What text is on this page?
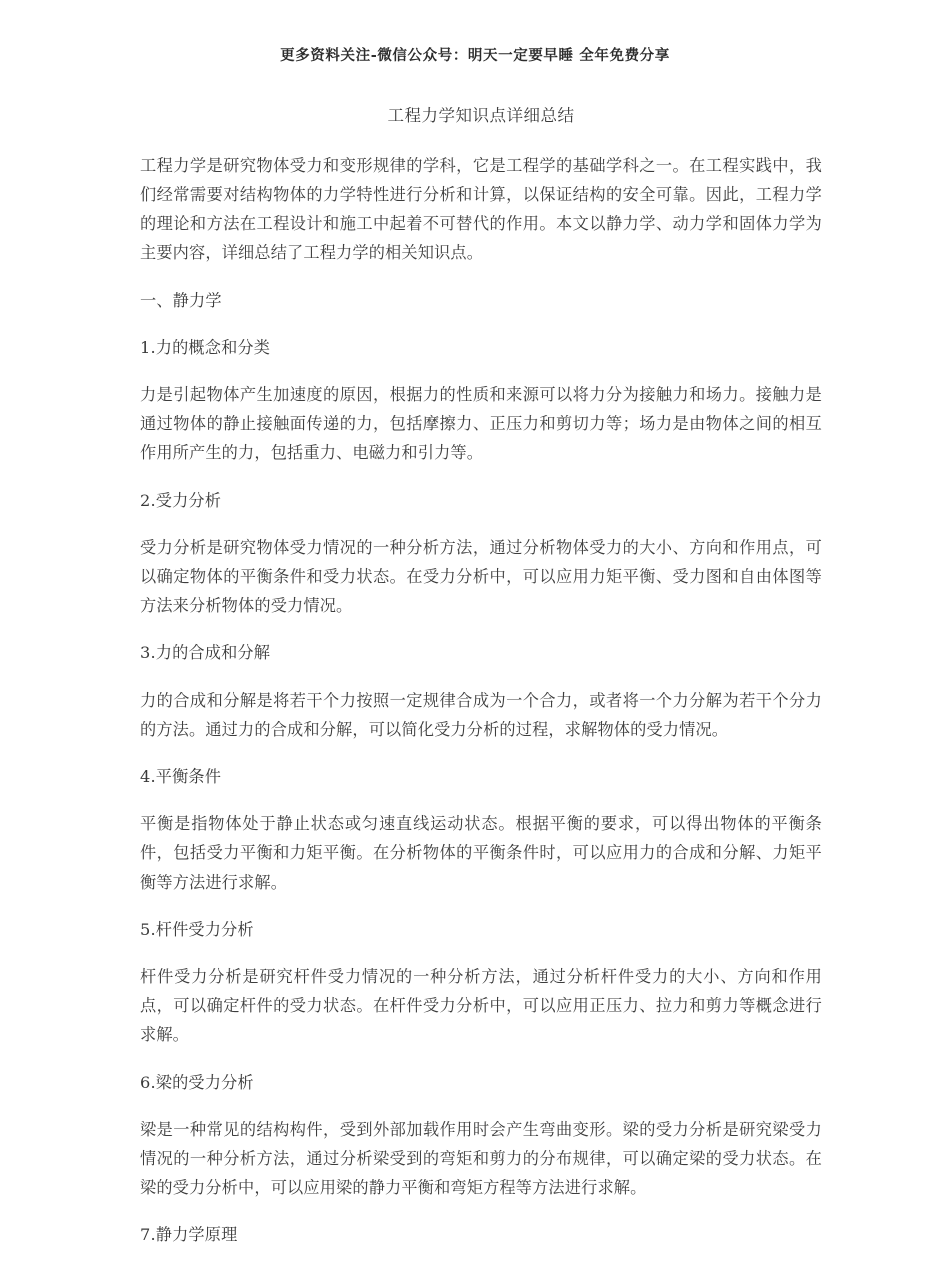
更多资料关注-微信公众号：明天一定要早睡 全年免费分享
工程力学知识点详细总结

工程力学是研究物体受力和变形规律的学科，它是工程学的基础学科之一。在工程实践中，我们经常需要对结构物体的力学特性进行分析和计算，以保证结构的安全可靠。因此，工程力学的理论和方法在工程设计和施工中起着不可替代的作用。本文以静力学、动力学和固体力学为主要内容，详细总结了工程力学的相关知识点。

一、静力学
1.力的概念和分类

力是引起物体产生加速度的原因，根据力的性质和来源可以将力分为接触力和场力。接触力是通过物体的静止接触面传递的力，包括摩擦力、正压力和剪切力等；场力是由物体之间的相互作用所产生的力，包括重力、电磁力和引力等。

2.受力分析

受力分析是研究物体受力情况的一种分析方法，通过分析物体受力的大小、方向和作用点，可以确定物体的平衡条件和受力状态。在受力分析中，可以应用力矩平衡、受力图和自由体图等方法来分析物体的受力情况。

3.力的合成和分解

力的合成和分解是将若干个力按照一定规律合成为一个合力，或者将一个力分解为若干个分力的方法。通过力的合成和分解，可以简化受力分析的过程，求解物体的受力情况。

4.平衡条件

平衡是指物体处于静止状态或匀速直线运动状态。根据平衡的要求，可以得出物体的平衡条件，包括受力平衡和力矩平衡。在分析物体的平衡条件时，可以应用力的合成和分解、力矩平衡等方法进行求解。

5.杆件受力分析

杆件受力分析是研究杆件受力情况的一种分析方法，通过分析杆件受力的大小、方向和作用点，可以确定杆件的受力状态。在杆件受力分析中，可以应用正压力、拉力和剪力等概念进行求解。

6.梁的受力分析

梁是一种常见的结构构件，受到外部加载作用时会产生弯曲变形。梁的受力分析是研究梁受力情况的一种分析方法，通过分析梁受到的弯矩和剪力的分布规律，可以确定梁的受力状态。在梁的受力分析中，可以应用梁的静力平衡和弯矩方程等方法进行求解。

7.静力学原理
